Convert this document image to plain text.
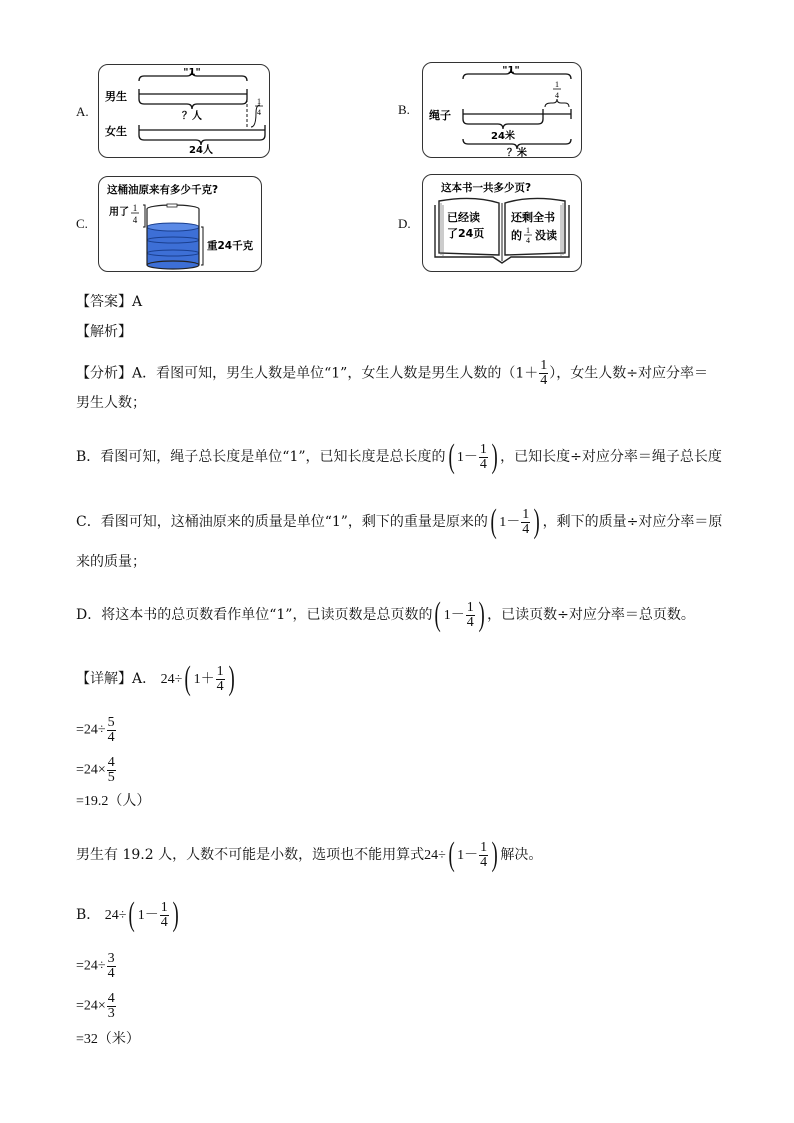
A.
"1"
男生
？人
女生
1
4
24人
B.
"1"
绳子
1
4
24米
？米
C.
这桶油原来有多少千克?
用了 1
4
重24千克
D.
这本书一共多少页?
已经读
了24页
还剩全书
的 1
4 没读
【答案】A
【解析】
【分析】A．看图可知，男生人数是单位“1”，女生人数是男生人数的（$1+ \frac{1}{4}$ ），女生人数÷对应分率＝
男生人数；
B．看图可知，绳子总长度是单位“1”，已知长度是总长度的( $1- \frac{1}{4}$ ) ，已知长度÷对应分率＝绳子总长度
C．看图可知，这桶油原来的质量是单位“1”，剩下的重量是原来的( $1- \frac{1}{4}$ ) ，剩下的质量÷对应分率＝原
来的质量；
D．将这本书的总页数看作单位“1”，已读页数是总页数的( $1- \frac{1}{4}$ ) ，已读页数÷对应分率＝总页数。
【详解】A． 24÷( $1+ \frac{1}{4}$ )
$=24\div \frac{5}{4}$
$=24\times \frac{4}{5}$
=19.2（人）
男生有 19.2 人，人数不可能是小数，选项也不能用算式24÷( $1- \frac{1}{4}$ ) 解决。
B． 24÷( $1- \frac{1}{4}$ )
$=24\div \frac{3}{4}$
$=24\times \frac{4}{3}$
=32（米）
